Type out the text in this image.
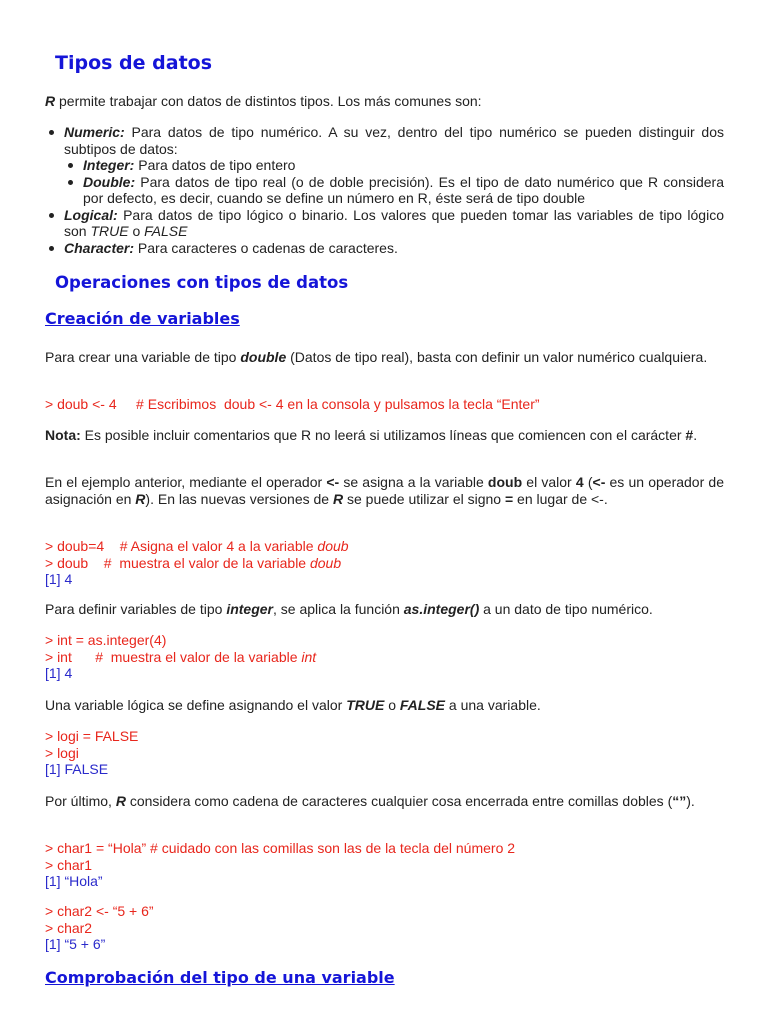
Tipos de datos

R permite trabajar con datos de distintos tipos. Los más comunes son:

Numeric: Para datos de tipo numérico. A su vez, dentro del tipo numérico se pueden distinguir dos subtipos de datos:
Integer: Para datos de tipo entero
Double: Para datos de tipo real (o de doble precisión). Es el tipo de dato numérico que R considera por defecto, es decir, cuando se define un número en R, éste será de tipo double
Logical: Para datos de tipo lógico o binario. Los valores que pueden tomar las variables de tipo lógico son TRUE o FALSE
Character: Para caracteres o cadenas de caracteres.
Operaciones con tipos de datos
Creación de variables

Para crear una variable de tipo double (Datos de tipo real), basta con definir un valor numérico cualquiera.

> doub <- 4     # Escribimos  doub <- 4 en la consola y pulsamos la tecla “Enter”

Nota: Es posible incluir comentarios que R no leerá si utilizamos líneas que comiencen con el carácter #.

En el ejemplo anterior, mediante el operador <- se asigna a la variable doub el valor 4 (<- es un operador de asignación en R). En las nuevas versiones de R se puede utilizar el signo = en lugar de <-.

> doub=4    # Asigna el valor 4 a la variable doub
> doub    #  muestra el valor de la variable doub
[1] 4

Para definir variables de tipo integer, se aplica la función as.integer() a un dato de tipo numérico.

> int = as.integer(4)
> int      #  muestra el valor de la variable int
[1] 4

Una variable lógica se define asignando el valor TRUE o FALSE a una variable.

> logi = FALSE
> logi
[1] FALSE

Por último, R considera como cadena de caracteres cualquier cosa encerrada entre comillas dobles (“”).

> char1 = “Hola” # cuidado con las comillas son las de la tecla del número 2
> char1
[1] “Hola”
> char2 <- “5 + 6”
> char2
[1] “5 + 6”
Comprobación del tipo de una variable
